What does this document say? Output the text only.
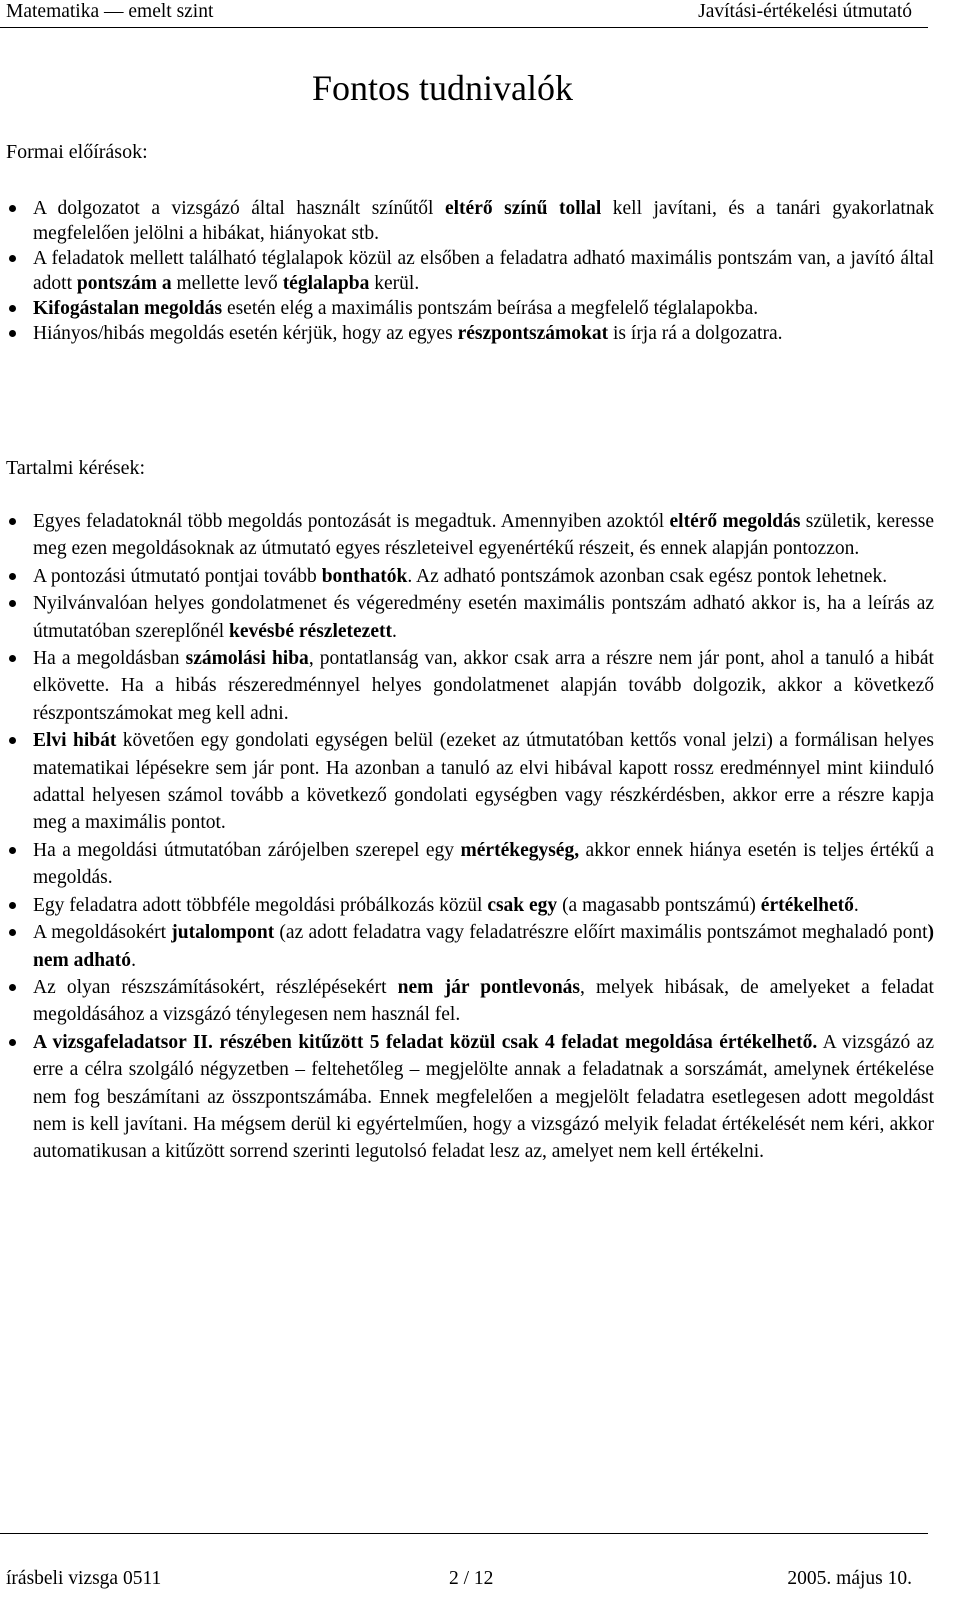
Matematika — emelt szint	Javítási-értékelési útmutató
Fontos tudnivalók
Formai előírások:
A dolgozatot a vizsgázó által használt színűtől eltérő színű tollal kell javítani, és a tanári gyakorlatnak megfelelően jelölni a hibákat, hiányokat stb.
A feladatok mellett található téglalapok közül az elsőben a feladatra adható maximális pontszám van, a javító által adott pontszám a mellette levő téglalapba kerül.
Kifogástalan megoldás esetén elég a maximális pontszám beírása a megfelelő téglalapokba.
Hiányos/hibás megoldás esetén kérjük, hogy az egyes részpontszámokat is írja rá a dolgozatra.
Tartalmi kérések:
Egyes feladatoknál több megoldás pontozását is megadtuk. Amennyiben azoktól eltérő megoldás születik, keresse meg ezen megoldásoknak az útmutató egyes részleteivel egyenértékű részeit, és ennek alapján pontozzon.
A pontozási útmutató pontjai tovább bonthatók. Az adható pontszámok azonban csak egész pontok lehetnek.
Nyilvánvalóan helyes gondolatmenet és végeredmény esetén maximális pontszám adható akkor is, ha a leírás az útmutatóban szereplőnél kevésbé részletezett.
Ha a megoldásban számolási hiba, pontatlanság van, akkor csak arra a részre nem jár pont, ahol a tanuló a hibát elkövette. Ha a hibás részeredménnyel helyes gondolatmenet alapján tovább dolgozik, akkor a következő részpontszámokat meg kell adni.
Elvi hibát követően egy gondolati egységen belül (ezeket az útmutatóban kettős vonal jelzi) a formálisan helyes matematikai lépésekre sem jár pont. Ha azonban a tanuló az elvi hibával kapott rossz eredménnyel mint kiinduló adattal helyesen számol tovább a következő gondolati egységben vagy részkérdésben, akkor erre a részre kapja meg a maximális pontot.
Ha a megoldási útmutatóban zárójelben szerepel egy mértékegység, akkor ennek hiánya esetén is teljes értékű a megoldás.
Egy feladatra adott többféle megoldási próbálkozás közül csak egy (a magasabb pontszámú) értékelhető.
A megoldásokért jutalompont (az adott feladatra vagy feladatrészre előírt maximális pontszámot meghaladó pont) nem adható.
Az olyan részszámításokért, részlépésekért nem jár pontlevonás, melyek hibásak, de amelyeket a feladat megoldásához a vizsgázó ténylegesen nem használ fel.
A vizsgafeladatsor II. részében kitűzött 5 feladat közül csak 4 feladat megoldása értékelhető. A vizsgázó az erre a célra szolgáló négyzetben – feltehetőleg – megjelölte annak a feladatnak a sorszámát, amelynek értékelése nem fog beszámítani az összpontszámába. Ennek megfelelően a megjelölt feladatra esetlegesen adott megoldást nem is kell javítani. Ha mégsem derül ki egyértelműen, hogy a vizsgázó melyik feladat értékelését nem kéri, akkor automatikusan a kitűzött sorrend szerinti legutolsó feladat lesz az, amelyet nem kell értékelni.
írásbeli vizsga 0511	2 / 12	2005. május 10.
